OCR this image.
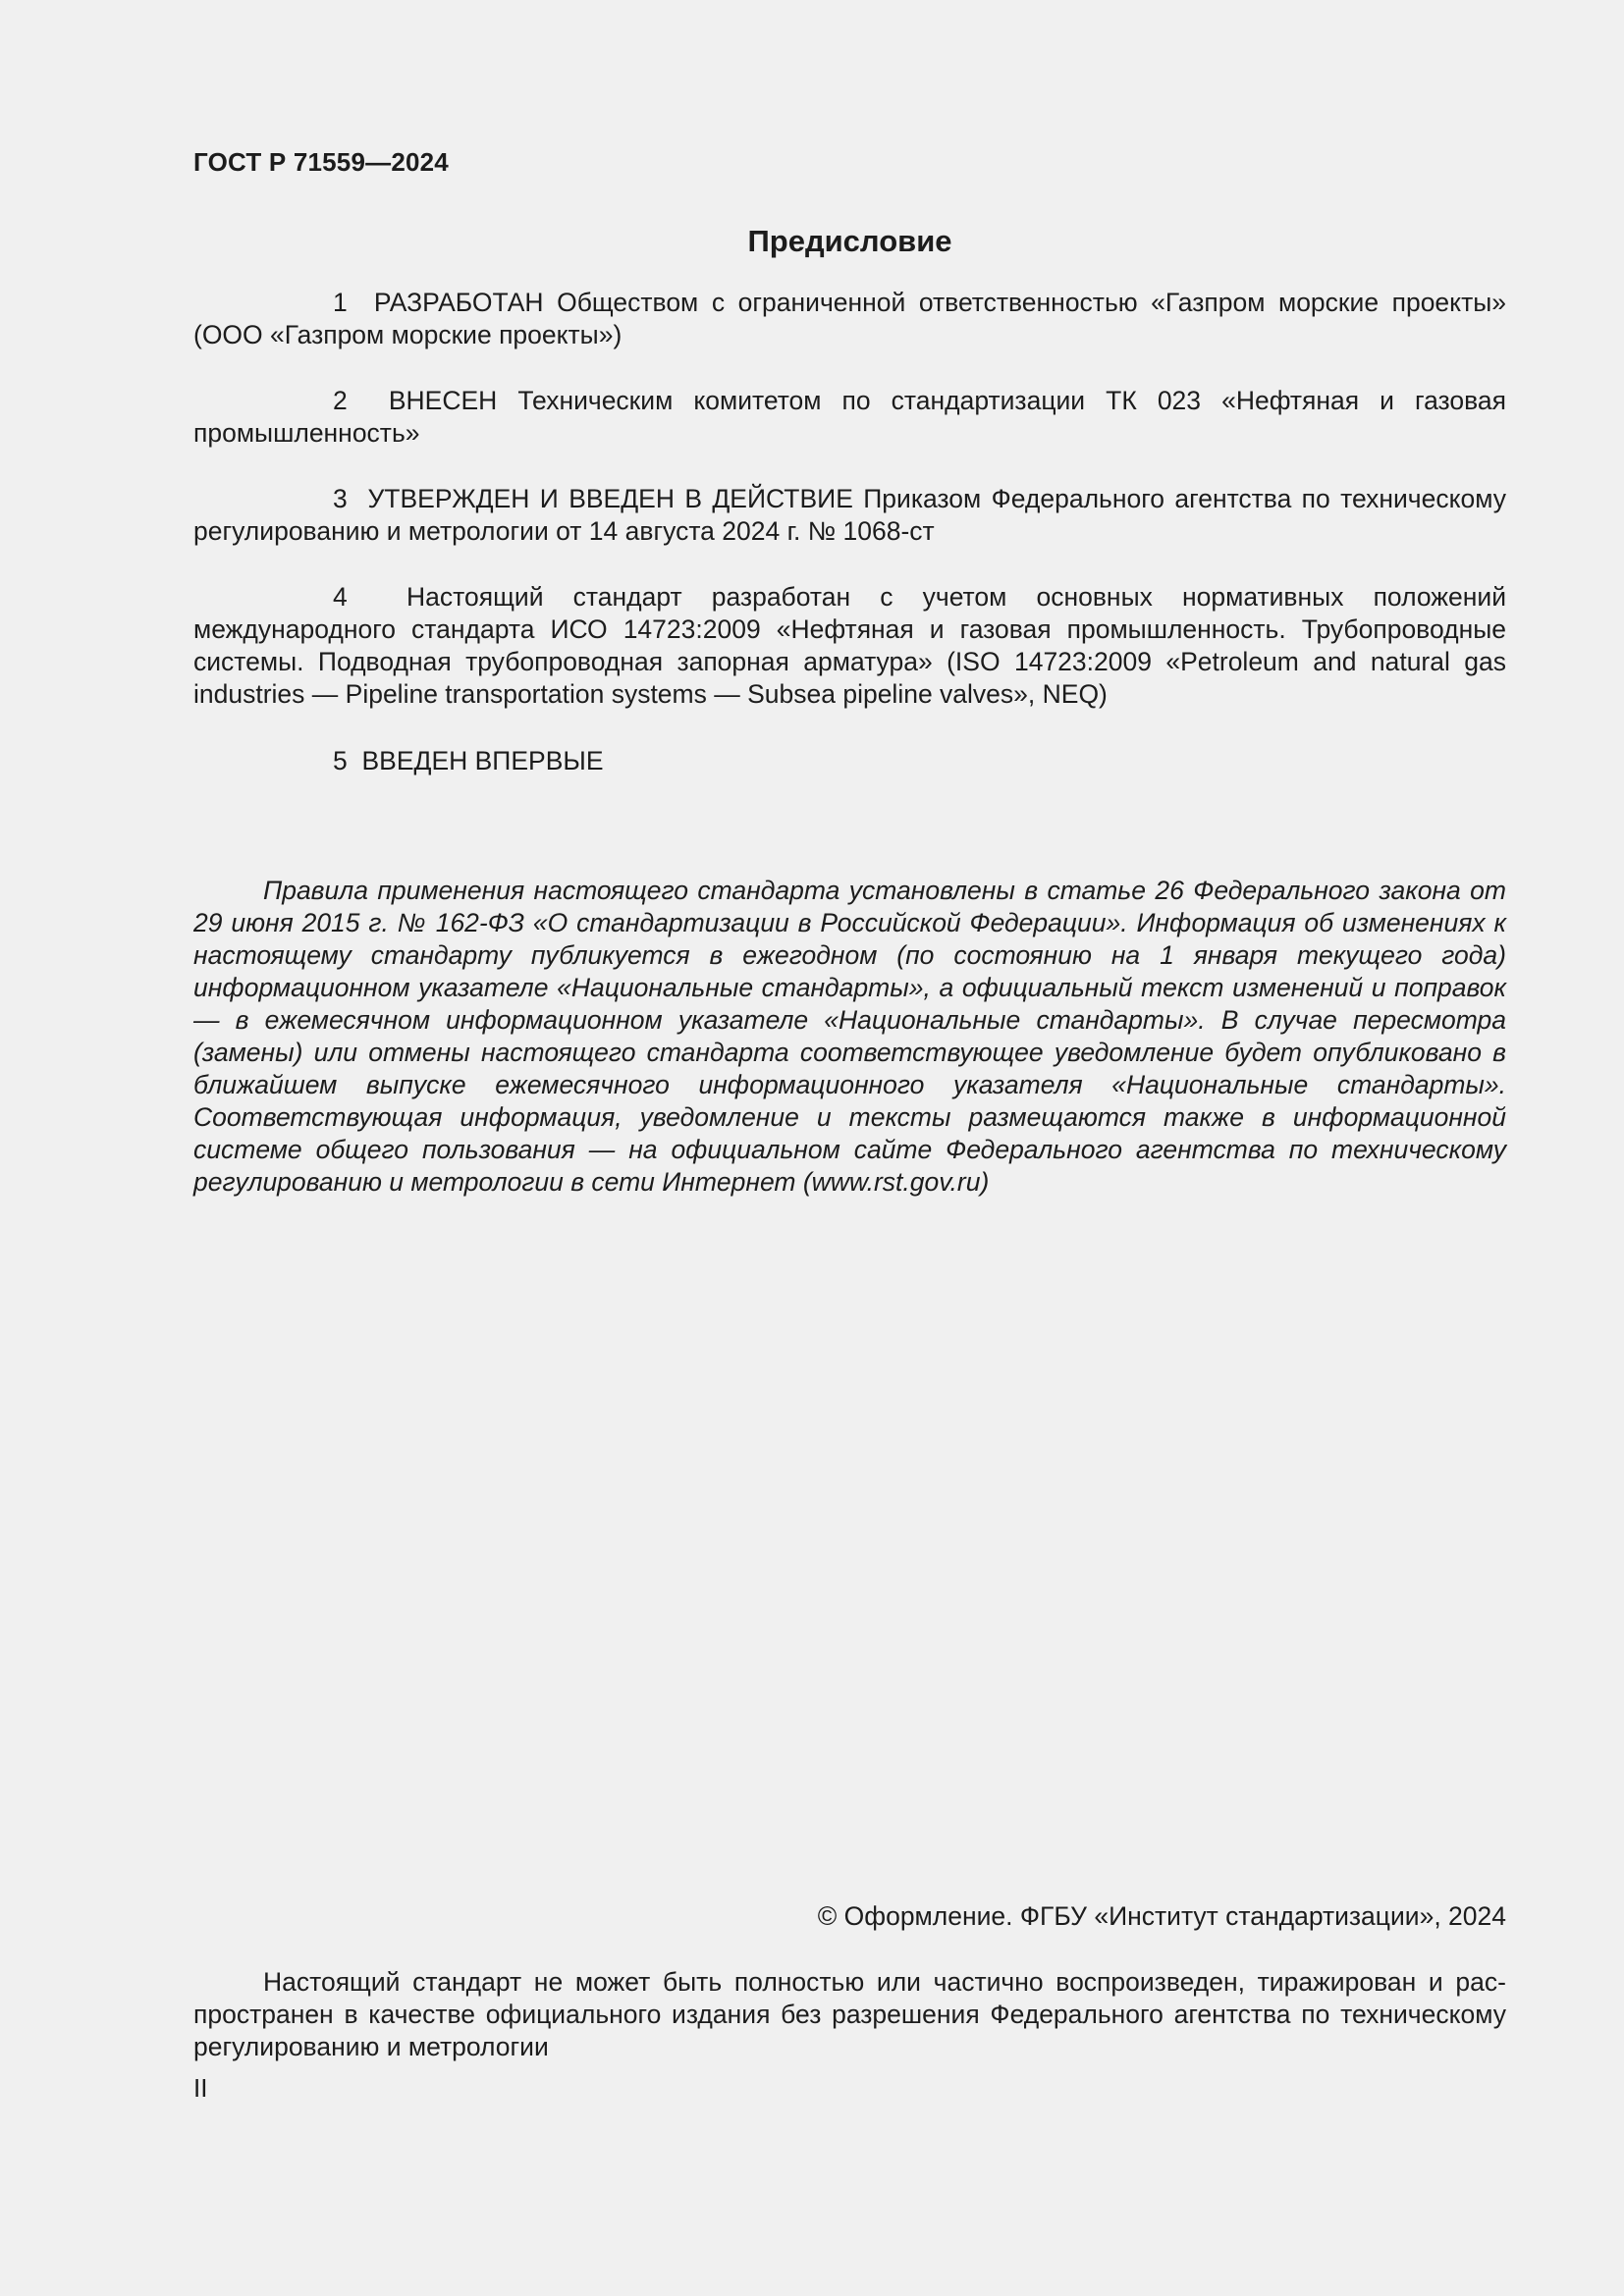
ГОСТ Р 71559—2024
Предисловие

1 РАЗРАБОТАН Обществом с ограниченной ответственностью «Газпром морские проекты» (ООО «Газпром морские проекты»)

2 ВНЕСЕН Техническим комитетом по стандартизации ТК 023 «Нефтяная и газовая промышленность»

3 УТВЕРЖДЕН И ВВЕДЕН В ДЕЙСТВИЕ Приказом Федерального агентства по техническому регулированию и метрологии от 14 августа 2024 г. № 1068-ст

4 Настоящий стандарт разработан с учетом основных нормативных положений международного стандарта ИСО 14723:2009 «Нефтяная и газовая промышленность. Трубопроводные системы. Подводная трубопроводная запорная арматура» (ISO 14723:2009 «Petroleum and natural gas industries — Pipeline transportation systems — Subsea pipeline valves», NEQ)

5 ВВЕДЕН ВПЕРВЫЕ

Правила применения настоящего стандарта установлены в статье 26 Федерального закона от 29 июня 2015 г. № 162-ФЗ «О стандартизации в Российской Федерации». Информация об изменениях к настоящему стандарту публикуется в ежегодном (по состоянию на 1 января текущего года) информационном указателе «Национальные стандарты», а официальный текст изменений и поправок — в ежемесячном информационном указателе «Национальные стандарты». В случае пересмотра (замены) или отмены настоящего стандарта соответствующее уведомление будет опубликовано в ближайшем выпуске ежемесячного информационного указателя «Национальные стандарты». Соответствующая информация, уведомление и тексты размещаются также в информационной системе общего пользования — на официальном сайте Федерального агентства по техническому регулированию и метрологии в сети Интернет (www.rst.gov.ru)

© Оформление. ФГБУ «Институт стандартизации», 2024

Настоящий стандарт не может быть полностью или частично воспроизведен, тиражирован и распространен в качестве официального издания без разрешения Федерального агентства по техническому регулированию и метрологии

II
